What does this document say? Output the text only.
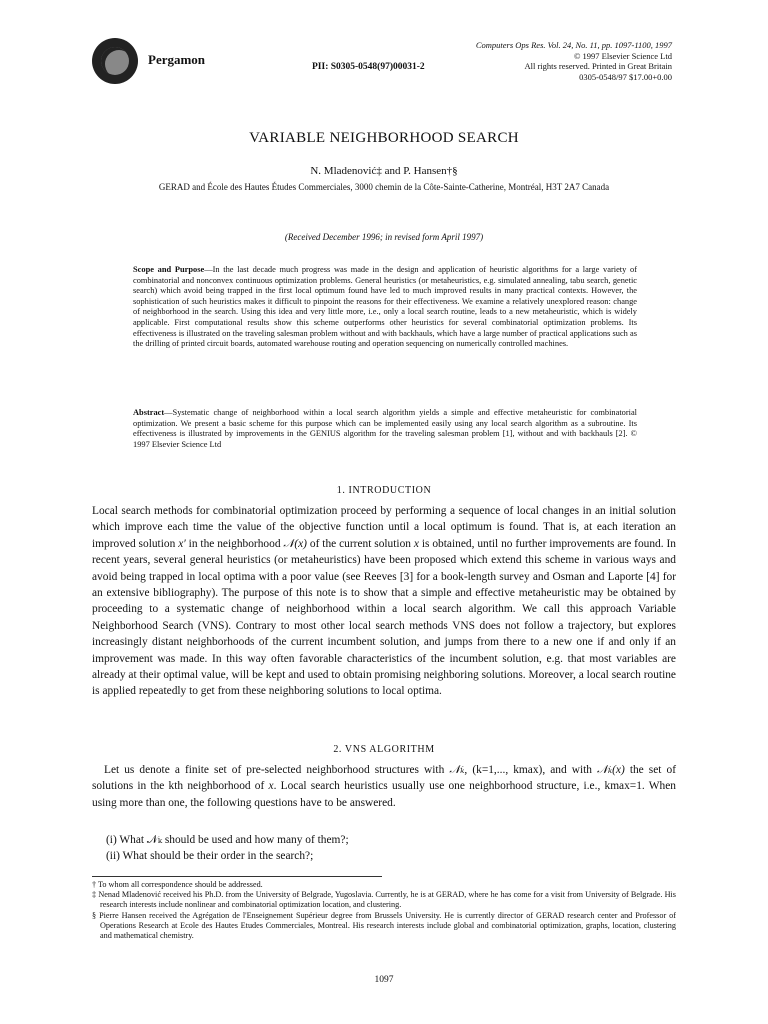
Pergamon	PII: S0305-0548(97)00031-2
Computers Ops Res. Vol. 24, No. 11, pp. 1097-1100, 1997
© 1997 Elsevier Science Ltd
All rights reserved. Printed in Great Britain
0305-0548/97 $17.00+0.00
VARIABLE NEIGHBORHOOD SEARCH
N. Mladenović‡ and P. Hansen†§
GERAD and École des Hautes Études Commerciales, 3000 chemin de la Côte-Sainte-Catherine, Montréal, H3T 2A7 Canada
(Received December 1996; in revised form April 1997)
Scope and Purpose—In the last decade much progress was made in the design and application of heuristic algorithms for a large variety of combinatorial and nonconvex continuous optimization problems. General heuristics (or metaheuristics, e.g. simulated annealing, tabu search, genetic search) which avoid being trapped in the first local optimum found have led to much improved results in many practical contexts. However, the sophistication of such heuristics makes it difficult to pinpoint the reasons for their effectiveness. We examine a relatively unexplored reason: change of neighborhood in the search. Using this idea and very little more, i.e., only a local search routine, leads to a new metaheuristic, which is widely applicable. First computational results show this scheme outperforms other heuristics for several combinatorial optimization problems. Its effectiveness is illustrated on the traveling salesman problem without and with backhauls, which have a large number of practical applications such as the drilling of printed circuit boards, automated warehouse routing and operation sequencing on numerically controlled machines.
Abstract—Systematic change of neighborhood within a local search algorithm yields a simple and effective metaheuristic for combinatorial optimization. We present a basic scheme for this purpose which can be implemented easily using any local search algorithm as a subroutine. Its effectiveness is illustrated by improvements in the GENIUS algorithm for the traveling salesman problem [1], without and with backhauls [2]. © 1997 Elsevier Science Ltd
1. INTRODUCTION
Local search methods for combinatorial optimization proceed by performing a sequence of local changes in an initial solution which improve each time the value of the objective function until a local optimum is found. That is, at each iteration an improved solution x′ in the neighborhood 𝒩(x) of the current solution x is obtained, until no further improvements are found. In recent years, several general heuristics (or metaheuristics) have been proposed which extend this scheme in various ways and avoid being trapped in local optima with a poor value (see Reeves [3] for a book-length survey and Osman and Laporte [4] for an extensive bibliography). The purpose of this note is to show that a simple and effective metaheuristic may be obtained by proceeding to a systematic change of neighborhood within a local search algorithm. We call this approach Variable Neighborhood Search (VNS). Contrary to most other local search methods VNS does not follow a trajectory, but explores increasingly distant neighborhoods of the current incumbent solution, and jumps from there to a new one if and only if an improvement was made. In this way often favorable characteristics of the incumbent solution, e.g. that most variables are already at their optimal value, will be kept and used to obtain promising neighboring solutions. Moreover, a local search routine is applied repeatedly to get from these neighboring solutions to local optima.
2. VNS ALGORITHM
Let us denote a finite set of pre-selected neighborhood structures with 𝒩ₖ, (k=1,..., kmax), and with 𝒩ₖ(x) the set of solutions in the kth neighborhood of x. Local search heuristics usually use one neighborhood structure, i.e., kmax=1. When using more than one, the following questions have to be answered.
(i) What 𝒩ₖ should be used and how many of them?;
(ii) What should be their order in the search?;

† To whom all correspondence should be addressed.

‡ Nenad Mladenović received his Ph.D. from the University of Belgrade, Yugoslavia. Currently, he is at GERAD, where he has come for a visit from University of Belgrade. His research interests include nonlinear and combinatorial optimization location, and clustering.

§ Pierre Hansen received the Agrégation de l'Enseignement Supérieur degree from Brussels University. He is currently director of GERAD research center and Professor of Operations Research at Ecole des Hautes Etudes Commerciales, Montreal. His research interests include global and combinatorial optimization, graphs, location, clustering and mathematical chemistry.

1097
